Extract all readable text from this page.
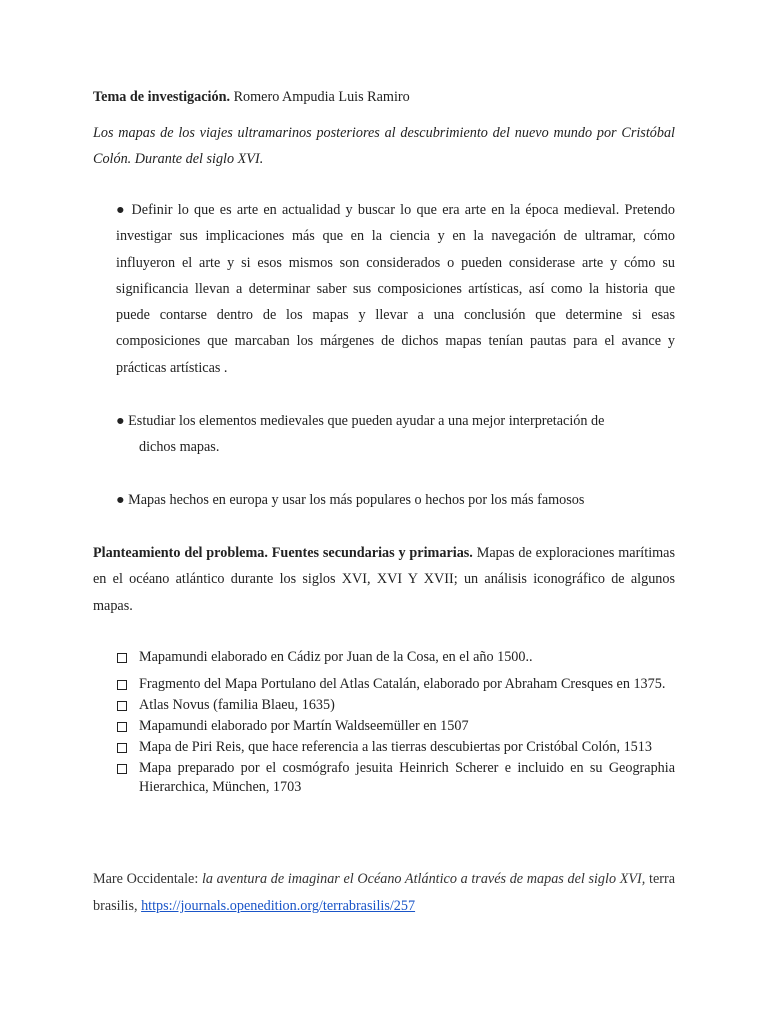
Tema de investigación. Romero Ampudia Luis Ramiro
Los mapas de los viajes ultramarinos posteriores al descubrimiento del nuevo mundo por Cristóbal Colón. Durante del siglo XVI.
● Definir lo que es arte en actualidad y buscar lo que era arte en la época medieval. Pretendo investigar sus implicaciones más que en la ciencia y en la navegación de ultramar, cómo influyeron el arte y si esos mismos son considerados o pueden considerase arte y cómo su significancia llevan a determinar saber sus composiciones artísticas, así como la historia que puede contarse dentro de los mapas y llevar a una conclusión que determine si esas composiciones que marcaban los márgenes de dichos mapas tenían pautas para el avance y prácticas artísticas .
● Estudiar los elementos medievales que pueden ayudar a una mejor interpretación de
dichos mapas.
● Mapas hechos en europa y usar los más populares o hechos por los más famosos
Planteamiento del problema. Fuentes secundarias y primarias. Mapas de exploraciones marítimas en el océano atlántico durante los siglos XVI, XVI Y XVII; un análisis iconográfico de algunos mapas.
Mapamundi elaborado en Cádiz por Juan de la Cosa, en el año 1500..
Fragmento del Mapa Portulano del Atlas Catalán, elaborado por Abraham Cresques en 1375.
Atlas Novus (familia Blaeu, 1635)
Mapamundi elaborado por Martín Waldseemüller en 1507
Mapa de Piri Reis, que hace referencia a las tierras descubiertas por Cristóbal Colón, 1513
Mapa preparado por el cosmógrafo jesuita Heinrich Scherer e incluido en su Geographia Hierarchica, München, 1703
Mare Occidentale: la aventura de imaginar el Océano Atlántico a través de mapas del siglo XVI, terra brasilis, https://journals.openedition.org/terrabrasilis/257
